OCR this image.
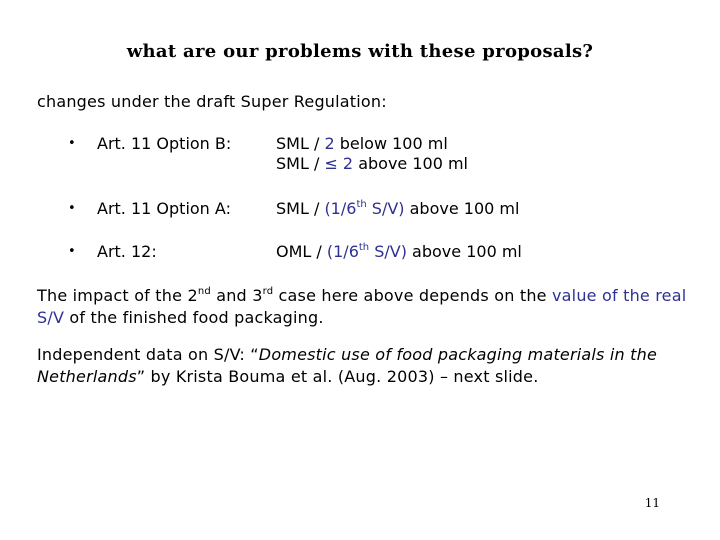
what are our problems with these proposals?
changes under the draft Super Regulation:
• Art. 11 Option B:	SML / 2 below 100 ml
SML / ≤ 2 above 100 ml
• Art. 11 Option A:	SML / (1/6th S/V) above 100 ml
• Art. 12:	OML / (1/6th S/V) above 100 ml
The impact of the 2nd and 3rd case here above depends on the value of the real S/V of the finished food packaging.
Independent data on S/V: “Domestic use of food packaging materials in the Netherlands” by Krista Bouma et al. (Aug. 2003) – next slide.
11
